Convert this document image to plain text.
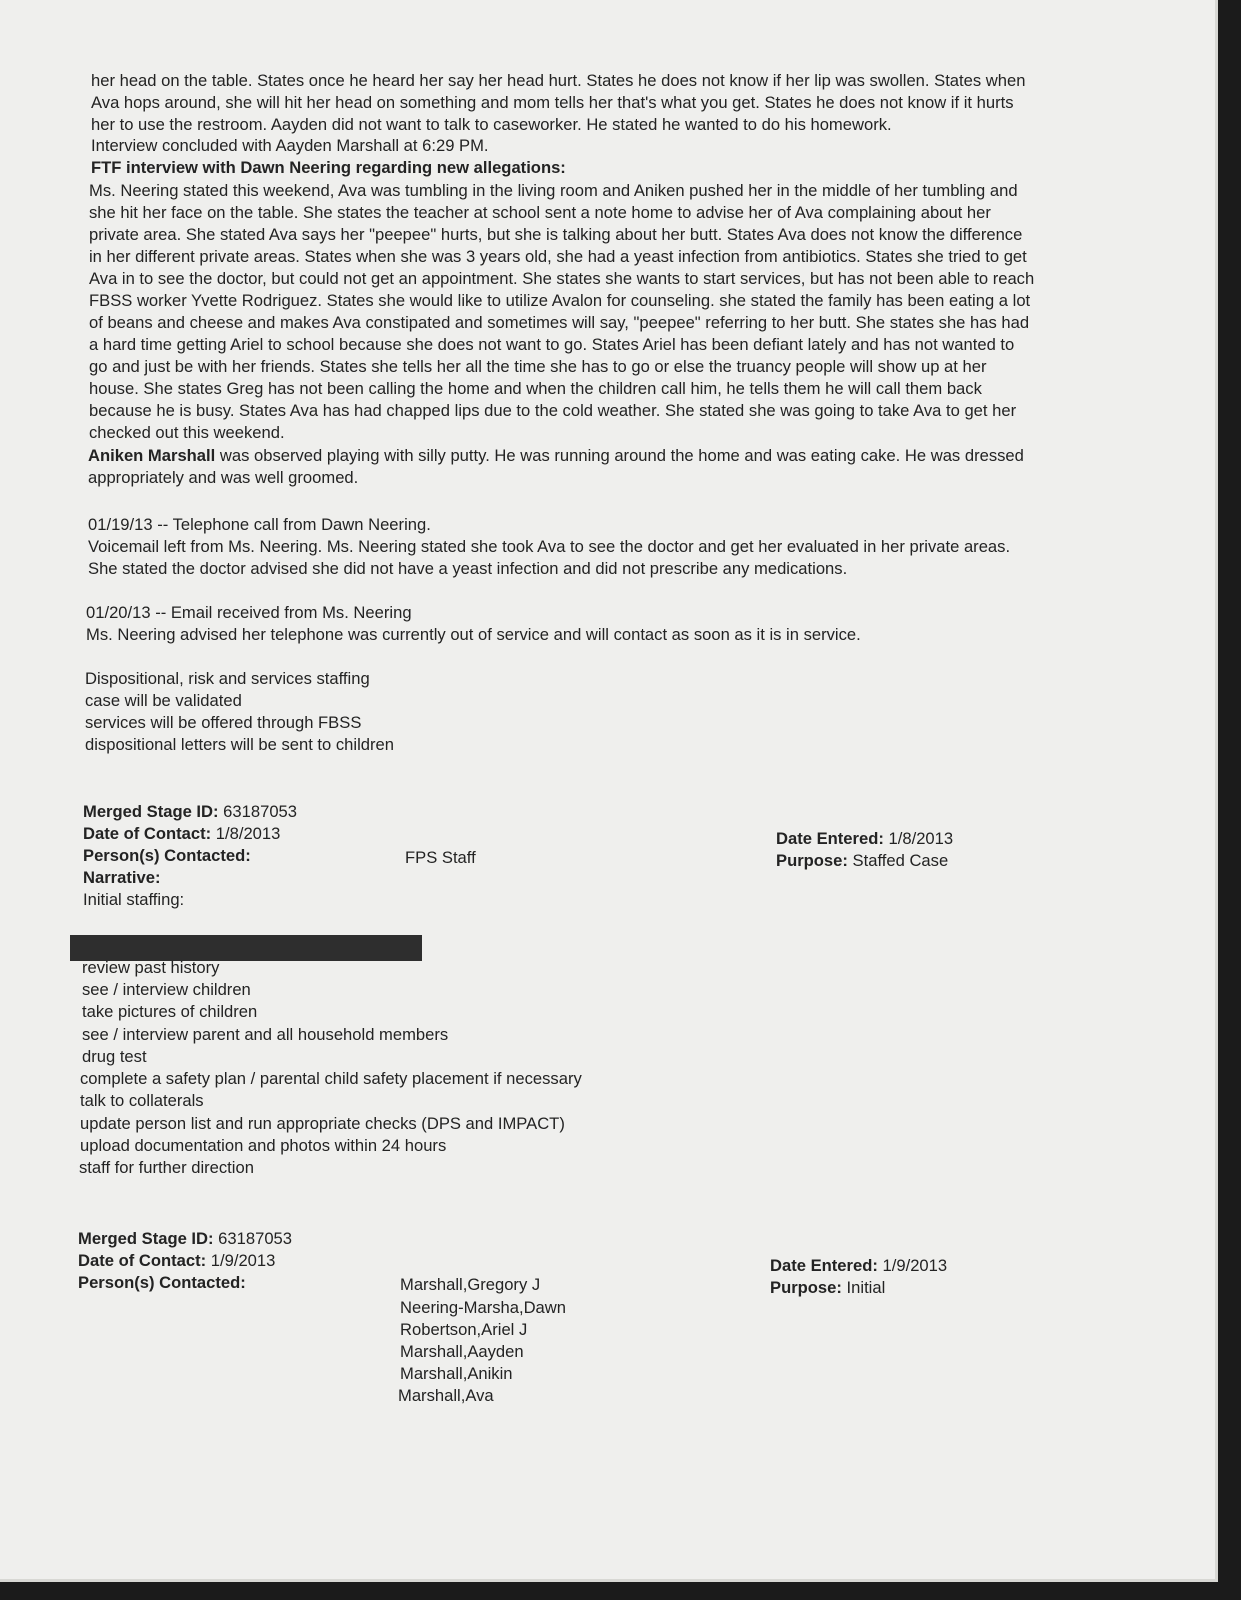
her head on the table. States once he heard her say her head hurt. States he does not know if her lip was swollen. States when
Ava hops around, she will hit her head on something and mom tells her that's what you get. States he does not know if it hurts
her to use the restroom. Aayden did not want to talk to caseworker. He stated he wanted to do his homework.
Interview concluded with Aayden Marshall at 6:29 PM.
FTF interview with Dawn Neering regarding new allegations:
Ms. Neering stated this weekend, Ava was tumbling in the living room and Aniken pushed her in the middle of her tumbling and
she hit her face on the table. She states the teacher at school sent a note home to advise her of Ava complaining about her
private area. She stated Ava says her "peepee" hurts, but she is talking about her butt. States Ava does not know the difference
in her different private areas. States when she was 3 years old, she had a yeast infection from antibiotics. States she tried to get
Ava in to see the doctor, but could not get an appointment. She states she wants to start services, but has not been able to reach
FBSS worker Yvette Rodriguez. States she would like to utilize Avalon for counseling. she stated the family has been eating a lot
of beans and cheese and makes Ava constipated and sometimes will say, "peepee" referring to her butt. She states she has had
a hard time getting Ariel to school because she does not want to go. States Ariel has been defiant lately and has not wanted to
go and just be with her friends. States she tells her all the time she has to go or else the truancy people will show up at her
house. She states Greg has not been calling the home and when the children call him, he tells them he will call them back
because he is busy. States Ava has had chapped lips due to the cold weather. She stated she was going to take Ava to get her
checked out this weekend.
Aniken Marshall was observed playing with silly putty. He was running around the home and was eating cake. He was dressed
appropriately and was well groomed.
01/19/13 -- Telephone call from Dawn Neering.
Voicemail left from Ms. Neering. Ms. Neering stated she took Ava to see the doctor and get her evaluated in her private areas.
She stated the doctor advised she did not have a yeast infection and did not prescribe any medications.
01/20/13 -- Email received from Ms. Neering
Ms. Neering advised her telephone was currently out of service and will contact as soon as it is in service.
Dispositional, risk and services staffing
case will be validated
services will be offered through FBSS
dispositional letters will be sent to children
Merged Stage ID: 63187053
Date of Contact: 1/8/2013
Person(s) Contacted:	FPS Staff
Narrative:
Initial staffing:
Date Entered: 1/8/2013
Purpose: Staffed Case
review past history
see / interview children
take pictures of children
see / interview parent and all household members
drug test
complete a safety plan / parental child safety placement if necessary
talk to collaterals
update person list and run appropriate checks (DPS and IMPACT)
upload documentation and photos within 24 hours
staff for further direction
Merged Stage ID: 63187053
Date of Contact: 1/9/2013
Person(s) Contacted:	Marshall,Gregory J
Neering-Marsha,Dawn
Robertson,Ariel J
Marshall,Aayden
Marshall,Anikin
Marshall,Ava
Date Entered: 1/9/2013
Purpose: Initial
